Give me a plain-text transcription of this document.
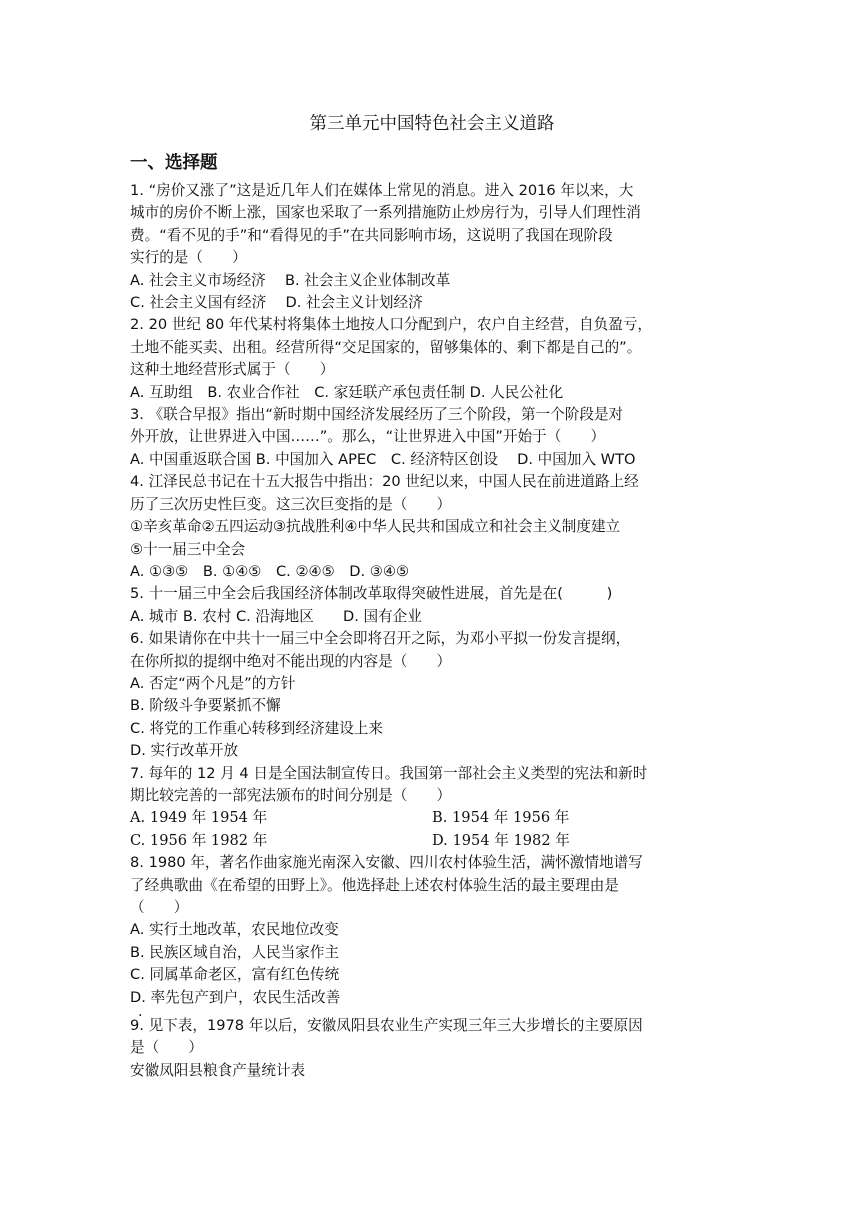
第三单元中国特色社会主义道路
一、选择题

1. “房价又涨了”这是近几年人们在媒体上常见的消息。进入 2016 年以来，大

城市的房价不断上涨，国家也采取了一系列措施防止炒房行为，引导人们理性消

费。“看不见的手”和“看得见的手”在共同影响市场，这说明了我国在现阶段

实行的是（　　）

A. 社会主义市场经济　 B. 社会主义企业体制改革

C. 社会主义国有经济　 D. 社会主义计划经济

2. 20 世纪 80 年代某村将集体土地按人口分配到户，农户自主经营，自负盈亏，

土地不能买卖、出租。经营所得“交足国家的，留够集体的、剩下都是自己的”。

这种土地经营形式属于（　　）

A. 互助组　B. 农业合作社　C. 家廷联产承包责任制 D. 人民公社化

3. 《联合早报》指出“新时期中国经济发展经历了三个阶段，第一个阶段是对

外开放，让世界进入中国……”。那么，“让世界进入中国”开始于（　　）

A. 中国重返联合国 B. 中国加入 APEC　C. 经济特区创设　 D. 中国加入 WTO

4. 江泽民总书记在十五大报告中指出：20 世纪以来，中国人民在前进道路上经

历了三次历史性巨变。这三次巨变指的是（　　）

①辛亥革命②五四运动③抗战胜利④中华人民共和国成立和社会主义制度建立

⑤十一届三中全会

A. ①③⑤　B. ①④⑤　C. ②④⑤　D. ③④⑤

5. 十一届三中全会后我国经济体制改革取得突破性进展，首先是在(　　　)

A. 城市 B. 农村 C. 沿海地区　　D. 国有企业

6. 如果请你在中共十一届三中全会即将召开之际，为邓小平拟一份发言提纲，

在你所拟的提纲中绝对不能出现的内容是（　　）

A. 否定“两个凡是”的方针

B. 阶级斗争要紧抓不懈

C. 将党的工作重心转移到经济建设上来

D. 实行改革开放

7. 每年的 12 月 4 日是全国法制宣传日。我国第一部社会主义类型的宪法和新时

期比较完善的一部宪法颁布的时间分别是（　　）

A. 1949 年 1954 年	B. 1954 年 1956 年
C. 1956 年 1982 年	D. 1954 年 1982 年

8. 1980 年，著名作曲家施光南深入安徽、四川农村体验生活，满怀激情地谱写

了经典歌曲《在希望的田野上》。他选择赴上述农村体验生活的最主要理由是

（　　）

A. 实行土地改革，农民地位改变

B. 民族区域自治，人民当家作主

C. 同属革命老区，富有红色传统

D. 率先包产到户，农民生活改善

.

9. 见下表，1978 年以后，安徽凤阳县农业生产实现三年三大步增长的主要原因

是（　　）

安徽凤阳县粮食产量统计表
